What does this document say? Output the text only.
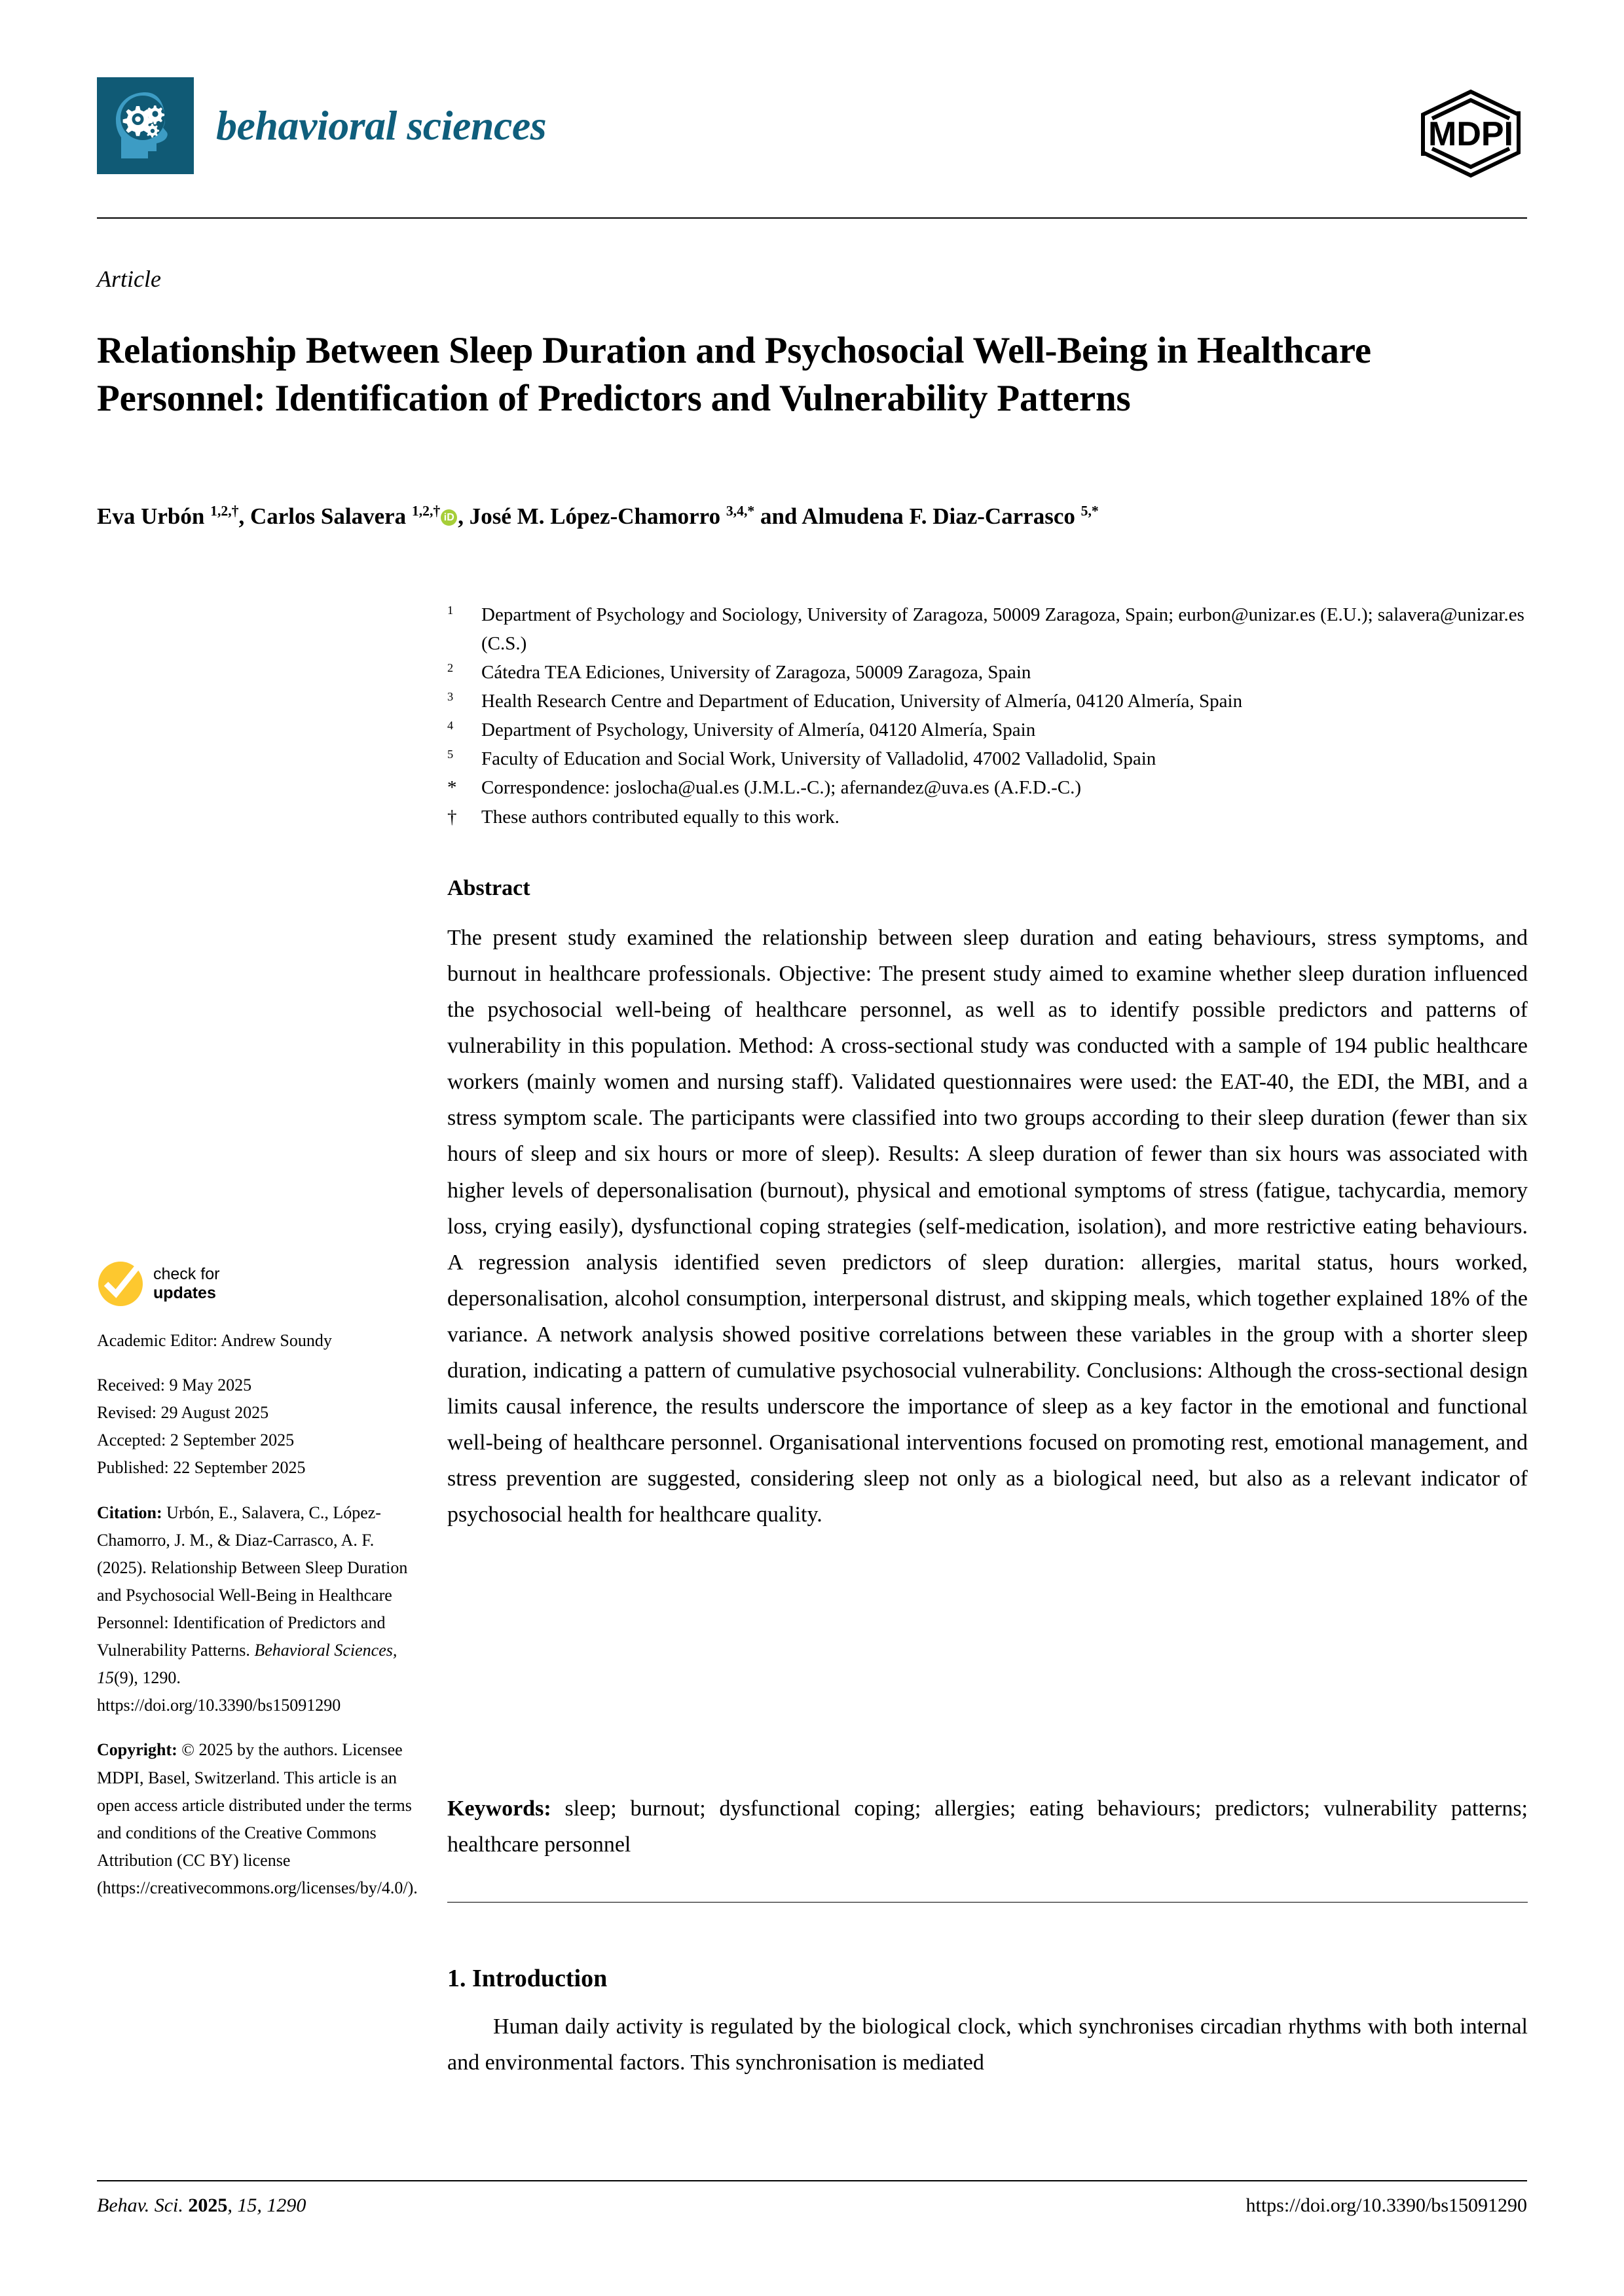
behavioral sciences	MDPI
Article
Relationship Between Sleep Duration and Psychosocial Well-Being in Healthcare Personnel: Identification of Predictors and Vulnerability Patterns
Eva Urbón $^{1,2,\dagger}$, Carlos Salavera $^{1,2,\dagger}$ iD , José M. López-Chamorro $^{3,4,*}$ and Almudena F. Diaz-Carrasco $^{5,*}$
$^1$	Department of Psychology and Sociology, University of Zaragoza, 50009 Zaragoza, Spain; eurbon@unizar.es (E.U.); salavera@unizar.es (C.S.)
$^2$	Cátedra TEA Ediciones, University of Zaragoza, 50009 Zaragoza, Spain
$^3$	Health Research Centre and Department of Education, University of Almería, 04120 Almería, Spain
$^4$	Department of Psychology, University of Almería, 04120 Almería, Spain
$^5$	Faculty of Education and Social Work, University of Valladolid, 47002 Valladolid, Spain
*	Correspondence: joslocha@ual.es (J.M.L.-C.); afernandez@uva.es (A.F.D.-C.)
†	These authors contributed equally to this work.
Abstract
The present study examined the relationship between sleep duration and eating behaviours, stress symptoms, and burnout in healthcare professionals. Objective: The present study aimed to examine whether sleep duration influenced the psychosocial well-being of healthcare personnel, as well as to identify possible predictors and patterns of vulnerability in this population. Method: A cross-sectional study was conducted with a sample of 194 public healthcare workers (mainly women and nursing staff). Validated questionnaires were used: the EAT-40, the EDI, the MBI, and a stress symptom scale. The participants were classified into two groups according to their sleep duration (fewer than six hours of sleep and six hours or more of sleep). Results: A sleep duration of fewer than six hours was associated with higher levels of depersonalisation (burnout), physical and emotional symptoms of stress (fatigue, tachycardia, memory loss, crying easily), dysfunctional coping strategies (self-medication, isolation), and more restrictive eating behaviours. A regression analysis identified seven predictors of sleep duration: allergies, marital status, hours worked, depersonalisation, alcohol consumption, interpersonal distrust, and skipping meals, which together explained 18% of the variance. A network analysis showed positive correlations between these variables in the group with a shorter sleep duration, indicating a pattern of cumulative psychosocial vulnerability. Conclusions: Although the cross-sectional design limits causal inference, the results underscore the importance of sleep as a key factor in the emotional and functional well-being of healthcare personnel. Organisational interventions focused on promoting rest, emotional management, and stress prevention are suggested, considering sleep not only as a biological need, but also as a relevant indicator of psychosocial health for healthcare quality.
Keywords: sleep; burnout; dysfunctional coping; allergies; eating behaviours; predictors; vulnerability patterns; healthcare personnel
1. Introduction
Human daily activity is regulated by the biological clock, which synchronises circadian rhythms with both internal and environmental factors. This synchronisation is mediated
check for
updates

Academic Editor: Andrew Soundy

Received: 9 May 2025

Revised: 29 August 2025

Accepted: 2 September 2025

Published: 22 September 2025

Citation: Urbón, E., Salavera, C., López-Chamorro, J. M., & Diaz-Carrasco, A. F. (2025). Relationship Between Sleep Duration and Psychosocial Well-Being in Healthcare Personnel: Identification of Predictors and Vulnerability Patterns. Behavioral Sciences, 15(9), 1290. https://doi.org/10.3390/bs15091290

Copyright: © 2025 by the authors. Licensee MDPI, Basel, Switzerland. This article is an open access article distributed under the terms and conditions of the Creative Commons Attribution (CC BY) license (https://creativecommons.org/licenses/by/4.0/).

Behav. Sci. 2025, 15, 1290	https://doi.org/10.3390/bs15091290
